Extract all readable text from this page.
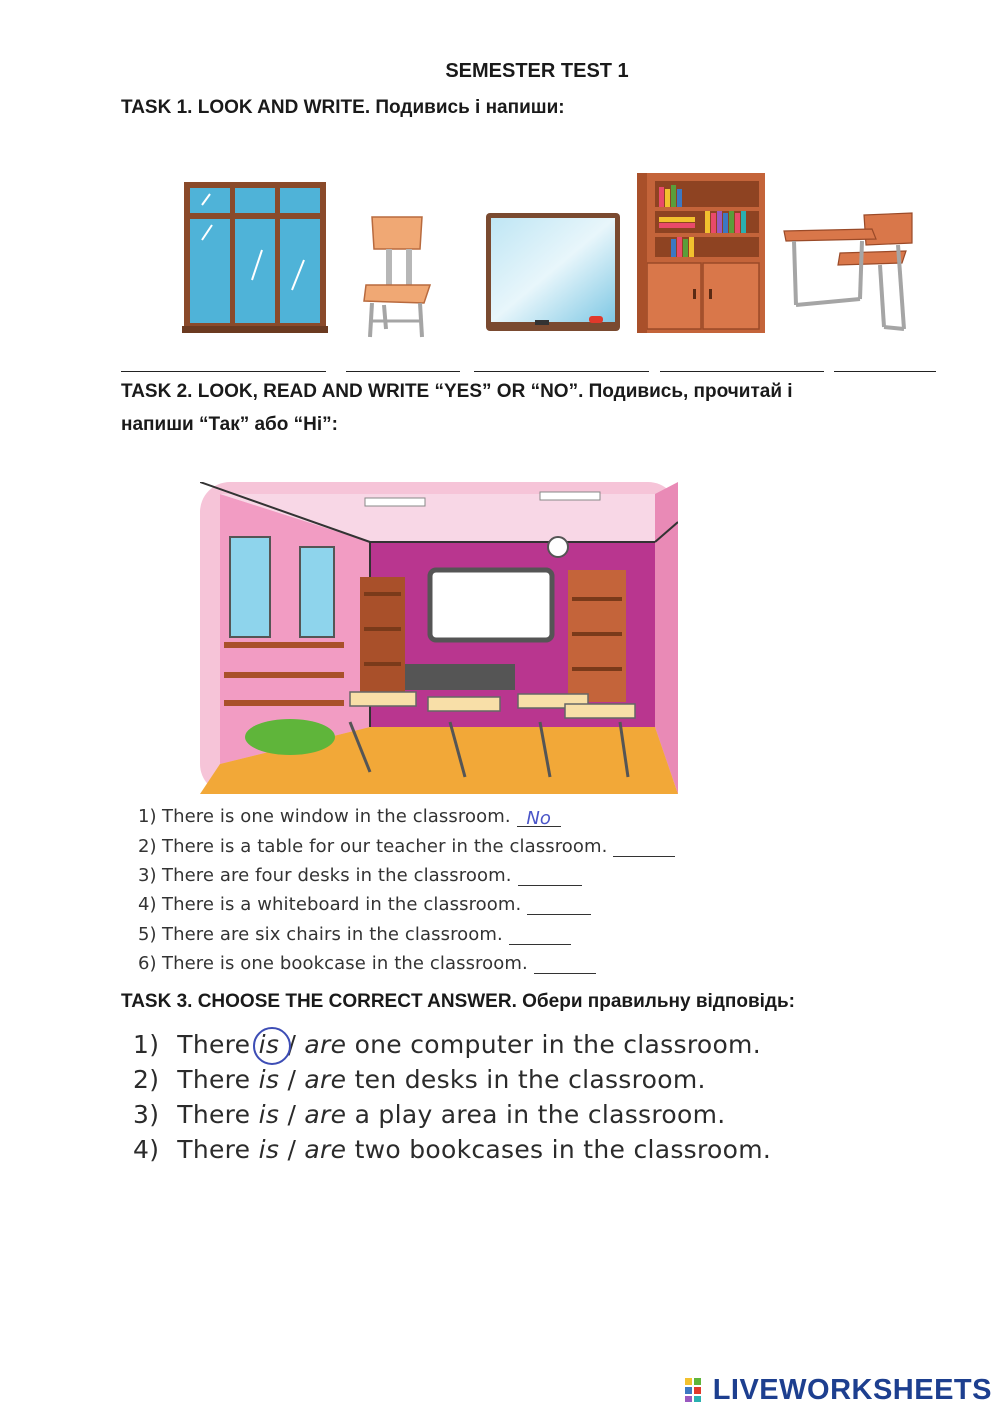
SEMESTER TEST 1
TASK 1. LOOK AND WRITE. Подивись і напиши:
TASK 2. LOOK, READ AND WRITE “YES” OR “NO”. Подивись, прочитай і
напиши “Так” або “Ні”:
1) There is one window in the classroom. No
2) There is a table for our teacher in the classroom.
3) There are four desks in the classroom.
4) There is a whiteboard in the classroom.
5) There are six chairs in the classroom.
6) There is one bookcase in the classroom.
TASK 3. CHOOSE THE CORRECT ANSWER. Обери правильну відповідь:
1) There is / are one computer in the classroom.
2) There is / are ten desks in the classroom.
3) There is / are a play area in the classroom.
4) There is / are two bookcases in the classroom.
LIVEWORKSHEETS
